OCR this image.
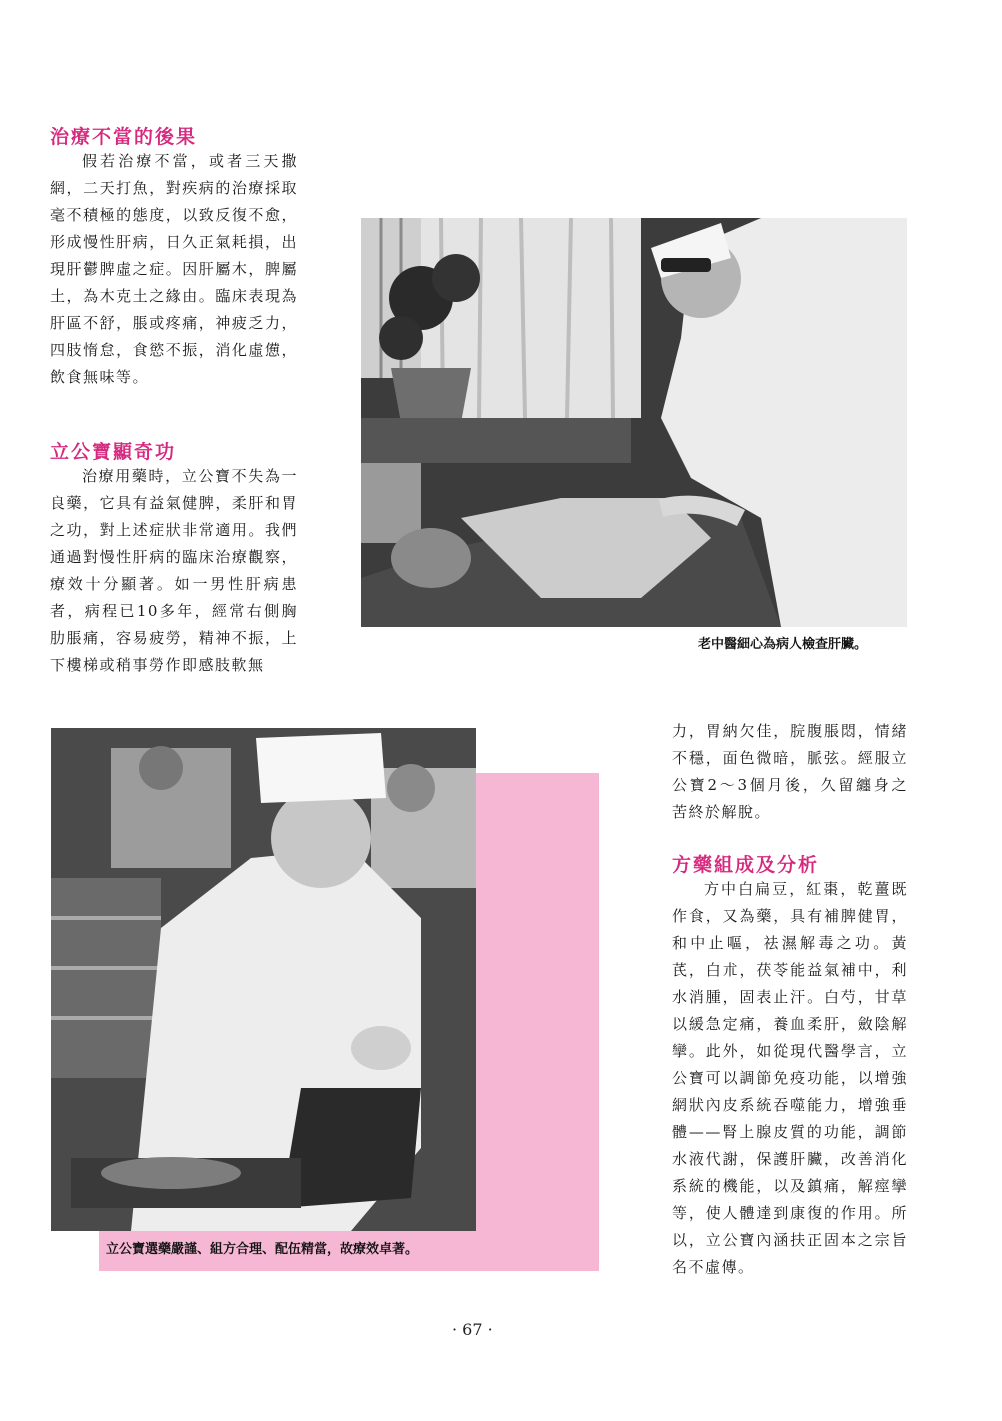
治療不當的後果

假若治療不當，或者三天撒網，二天打魚，對疾病的治療採取毫不積極的態度，以致反復不愈，形成慢性肝病，日久正氣耗損，出現肝鬱脾虛之症。因肝屬木，脾屬土，為木克土之緣由。臨床表現為肝區不舒，脹或疼痛，神疲乏力，四肢惰怠，食慾不振，消化虛憊，飲食無味等。

立公寶顯奇功

治療用藥時，立公寶不失為一良藥，它具有益氣健脾，柔肝和胃之功，對上述症狀非常適用。我們通過對慢性肝病的臨床治療觀察，療效十分顯著。如一男性肝病患者，病程已10多年，經常右側胸肋脹痛，容易疲勞，精神不振，上下樓梯或稍事勞作即感肢軟無

老中醫細心為病人檢查肝臟。

力，胃納欠佳，脘腹脹悶，情緒不穩，面色微暗，脈弦。經服立公寶2～3個月後，久留纏身之苦終於解脫。

方藥組成及分析

方中白扁豆，紅棗，乾薑既作食，又為藥，具有補脾健胃，和中止嘔，祛濕解毒之功。黃芪，白朮，茯苓能益氣補中，利水消腫，固表止汗。白芍，甘草以緩急定痛，養血柔肝，斂陰解攣。此外，如從現代醫學言，立公寶可以調節免疫功能，以增強網狀內皮系統吞噬能力，增強垂體——腎上腺皮質的功能，調節水液代謝，保護肝臟，改善消化系統的機能，以及鎮痛，解痙攣等，使人體達到康復的作用。所以，立公寶內涵扶正固本之宗旨名不虛傳。

立公寶選藥嚴謹、組方合理、配伍精當，故療效卓著。

· 67 ·
